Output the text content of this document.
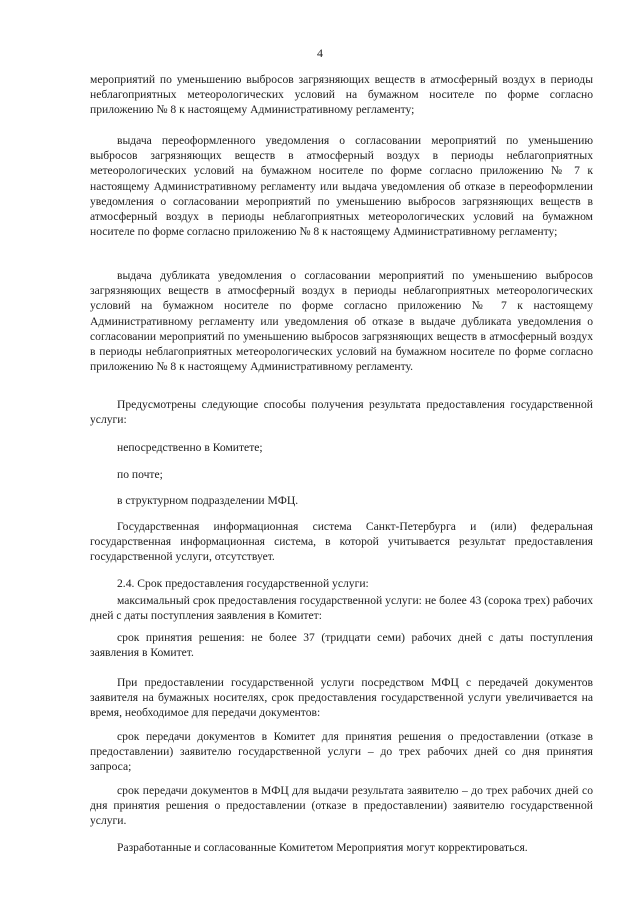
4
мероприятий по уменьшению выбросов загрязняющих веществ в атмосферный воздух в периоды неблагоприятных метеорологических условий на бумажном носителе по форме согласно приложению № 8 к настоящему Административному регламенту;
выдача переоформленного уведомления о согласовании мероприятий по уменьшению выбросов загрязняющих веществ в атмосферный воздух в периоды неблагоприятных метеорологических условий на бумажном носителе по форме согласно приложению № 7 к настоящему Административному регламенту или выдача уведомления об отказе в переоформлении уведомления о согласовании мероприятий по уменьшению выбросов загрязняющих веществ в атмосферный воздух в периоды неблагоприятных метеорологических условий на бумажном носителе по форме согласно приложению № 8 к настоящему Административному регламенту;
выдача дубликата уведомления о согласовании мероприятий по уменьшению выбросов загрязняющих веществ в атмосферный воздух в периоды неблагоприятных метеорологических условий на бумажном носителе по форме согласно приложению № 7 к настоящему Административному регламенту или уведомления об отказе в выдаче дубликата уведомления о согласовании мероприятий по уменьшению выбросов загрязняющих веществ в атмосферный воздух в периоды неблагоприятных метеорологических условий на бумажном носителе по форме согласно приложению № 8 к настоящему Административному регламенту.
Предусмотрены следующие способы получения результата предоставления государственной услуги:
непосредственно в Комитете;
по почте;
в структурном подразделении МФЦ.
Государственная информационная система Санкт-Петербурга и (или) федеральная государственная информационная система, в которой учитывается результат предоставления государственной услуги, отсутствует.
2.4. Срок предоставления государственной услуги:
максимальный срок предоставления государственной услуги: не более 43 (сорока трех) рабочих дней с даты поступления заявления в Комитет:
срок принятия решения: не более 37 (тридцати семи) рабочих дней с даты поступления заявления в Комитет.
При предоставлении государственной услуги посредством МФЦ с передачей документов заявителя на бумажных носителях, срок предоставления государственной услуги увеличивается на время, необходимое для передачи документов:
срок передачи документов в Комитет для принятия решения о предоставлении (отказе в предоставлении) заявителю государственной услуги – до трех рабочих дней со дня принятия запроса;
срок передачи документов в МФЦ для выдачи результата заявителю – до трех рабочих дней со дня принятия решения о предоставлении (отказе в предоставлении) заявителю государственной услуги.
Разработанные и согласованные Комитетом Мероприятия могут корректироваться.
